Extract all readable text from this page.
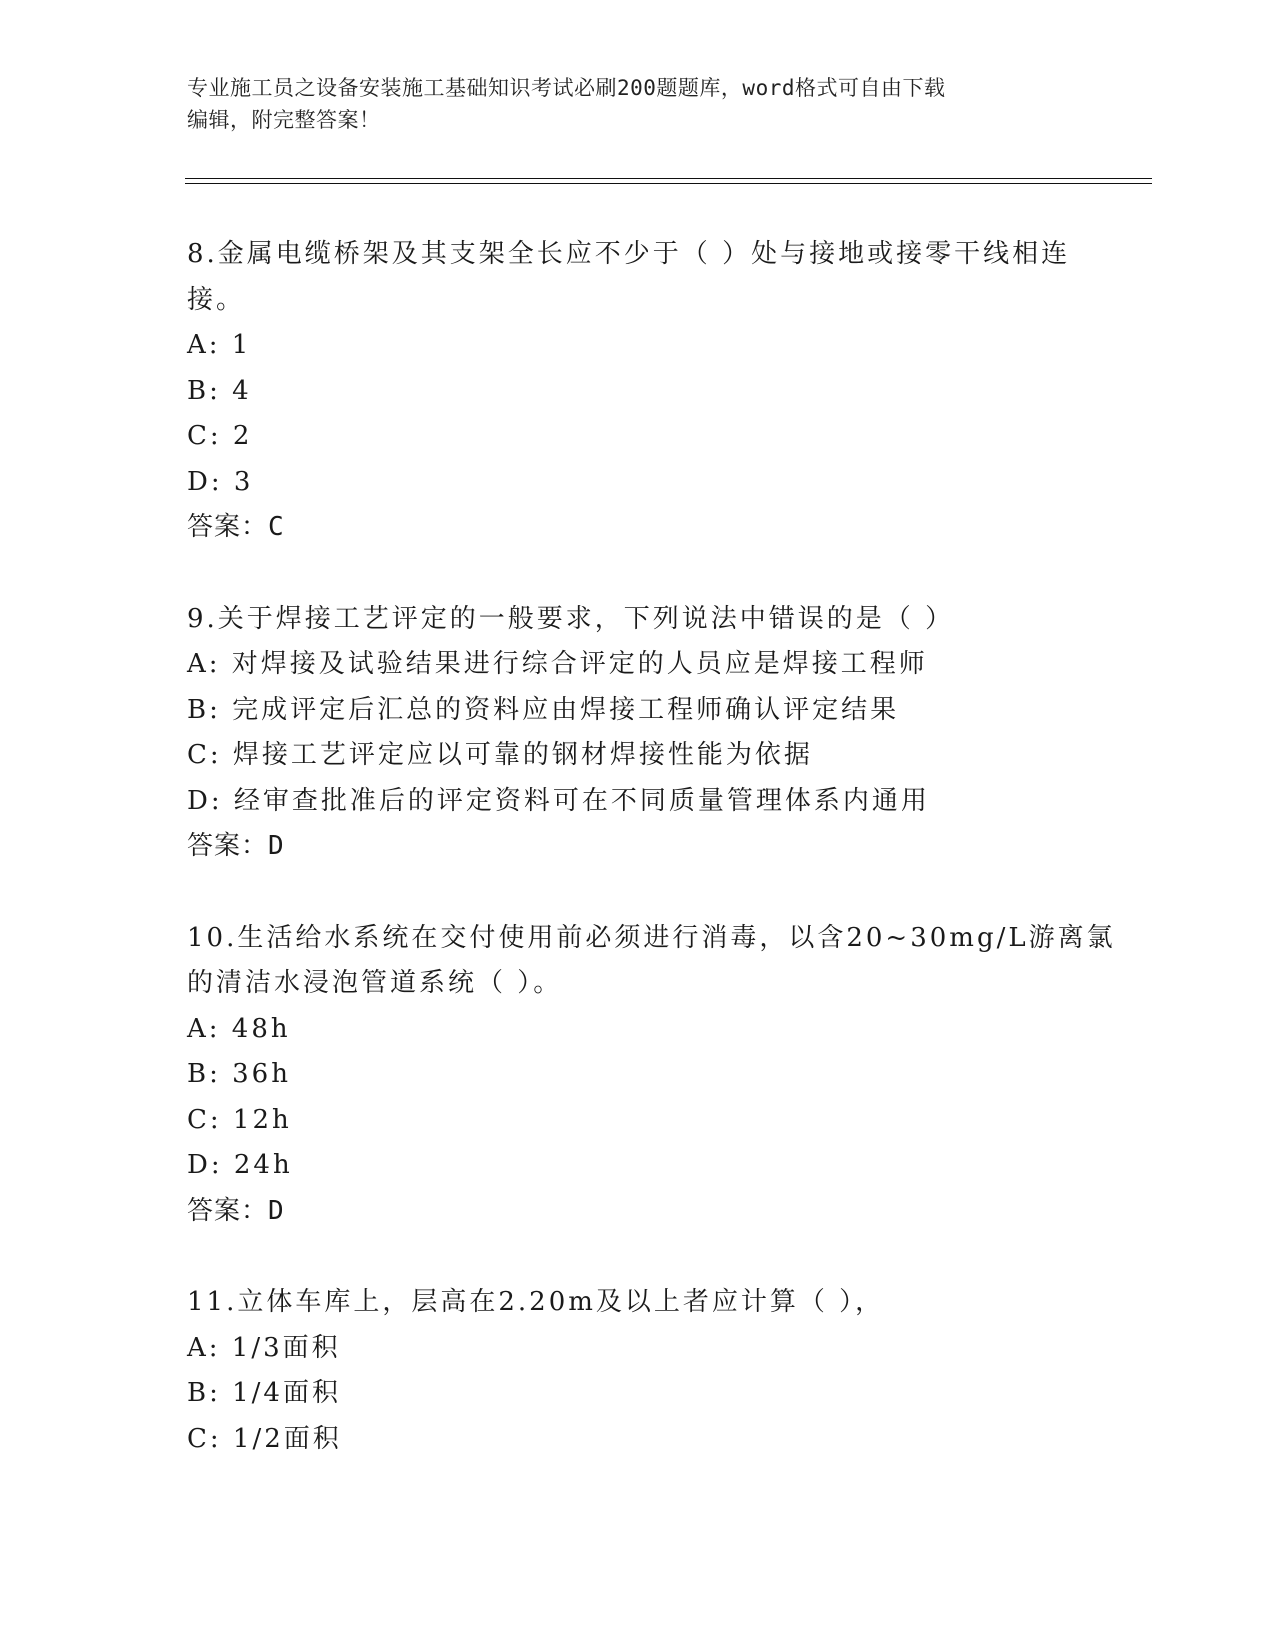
专业施工员之设备安装施工基础知识考试必刷200题题库，word格式可自由下载
编辑，附完整答案！
8.金属电缆桥架及其支架全长应不少于（ ）处与接地或接零干线相连
接。
A: 1
B: 4
C: 2
D: 3
答案：C
9.关于焊接工艺评定的一般要求，下列说法中错误的是（ ）
A: 对焊接及试验结果进行综合评定的人员应是焊接工程师
B: 完成评定后汇总的资料应由焊接工程师确认评定结果
C: 焊接工艺评定应以可靠的钢材焊接性能为依据
D: 经审查批准后的评定资料可在不同质量管理体系内通用
答案：D
10.生活给水系统在交付使用前必须进行消毒，以含20~30mg/L游离氯
的清洁水浸泡管道系统（ ）。
A: 48h
B: 36h
C: 12h
D: 24h
答案：D
11.立体车库上，层高在2.20m及以上者应计算（ ），
A: 1/3面积
B: 1/4面积
C: 1/2面积
